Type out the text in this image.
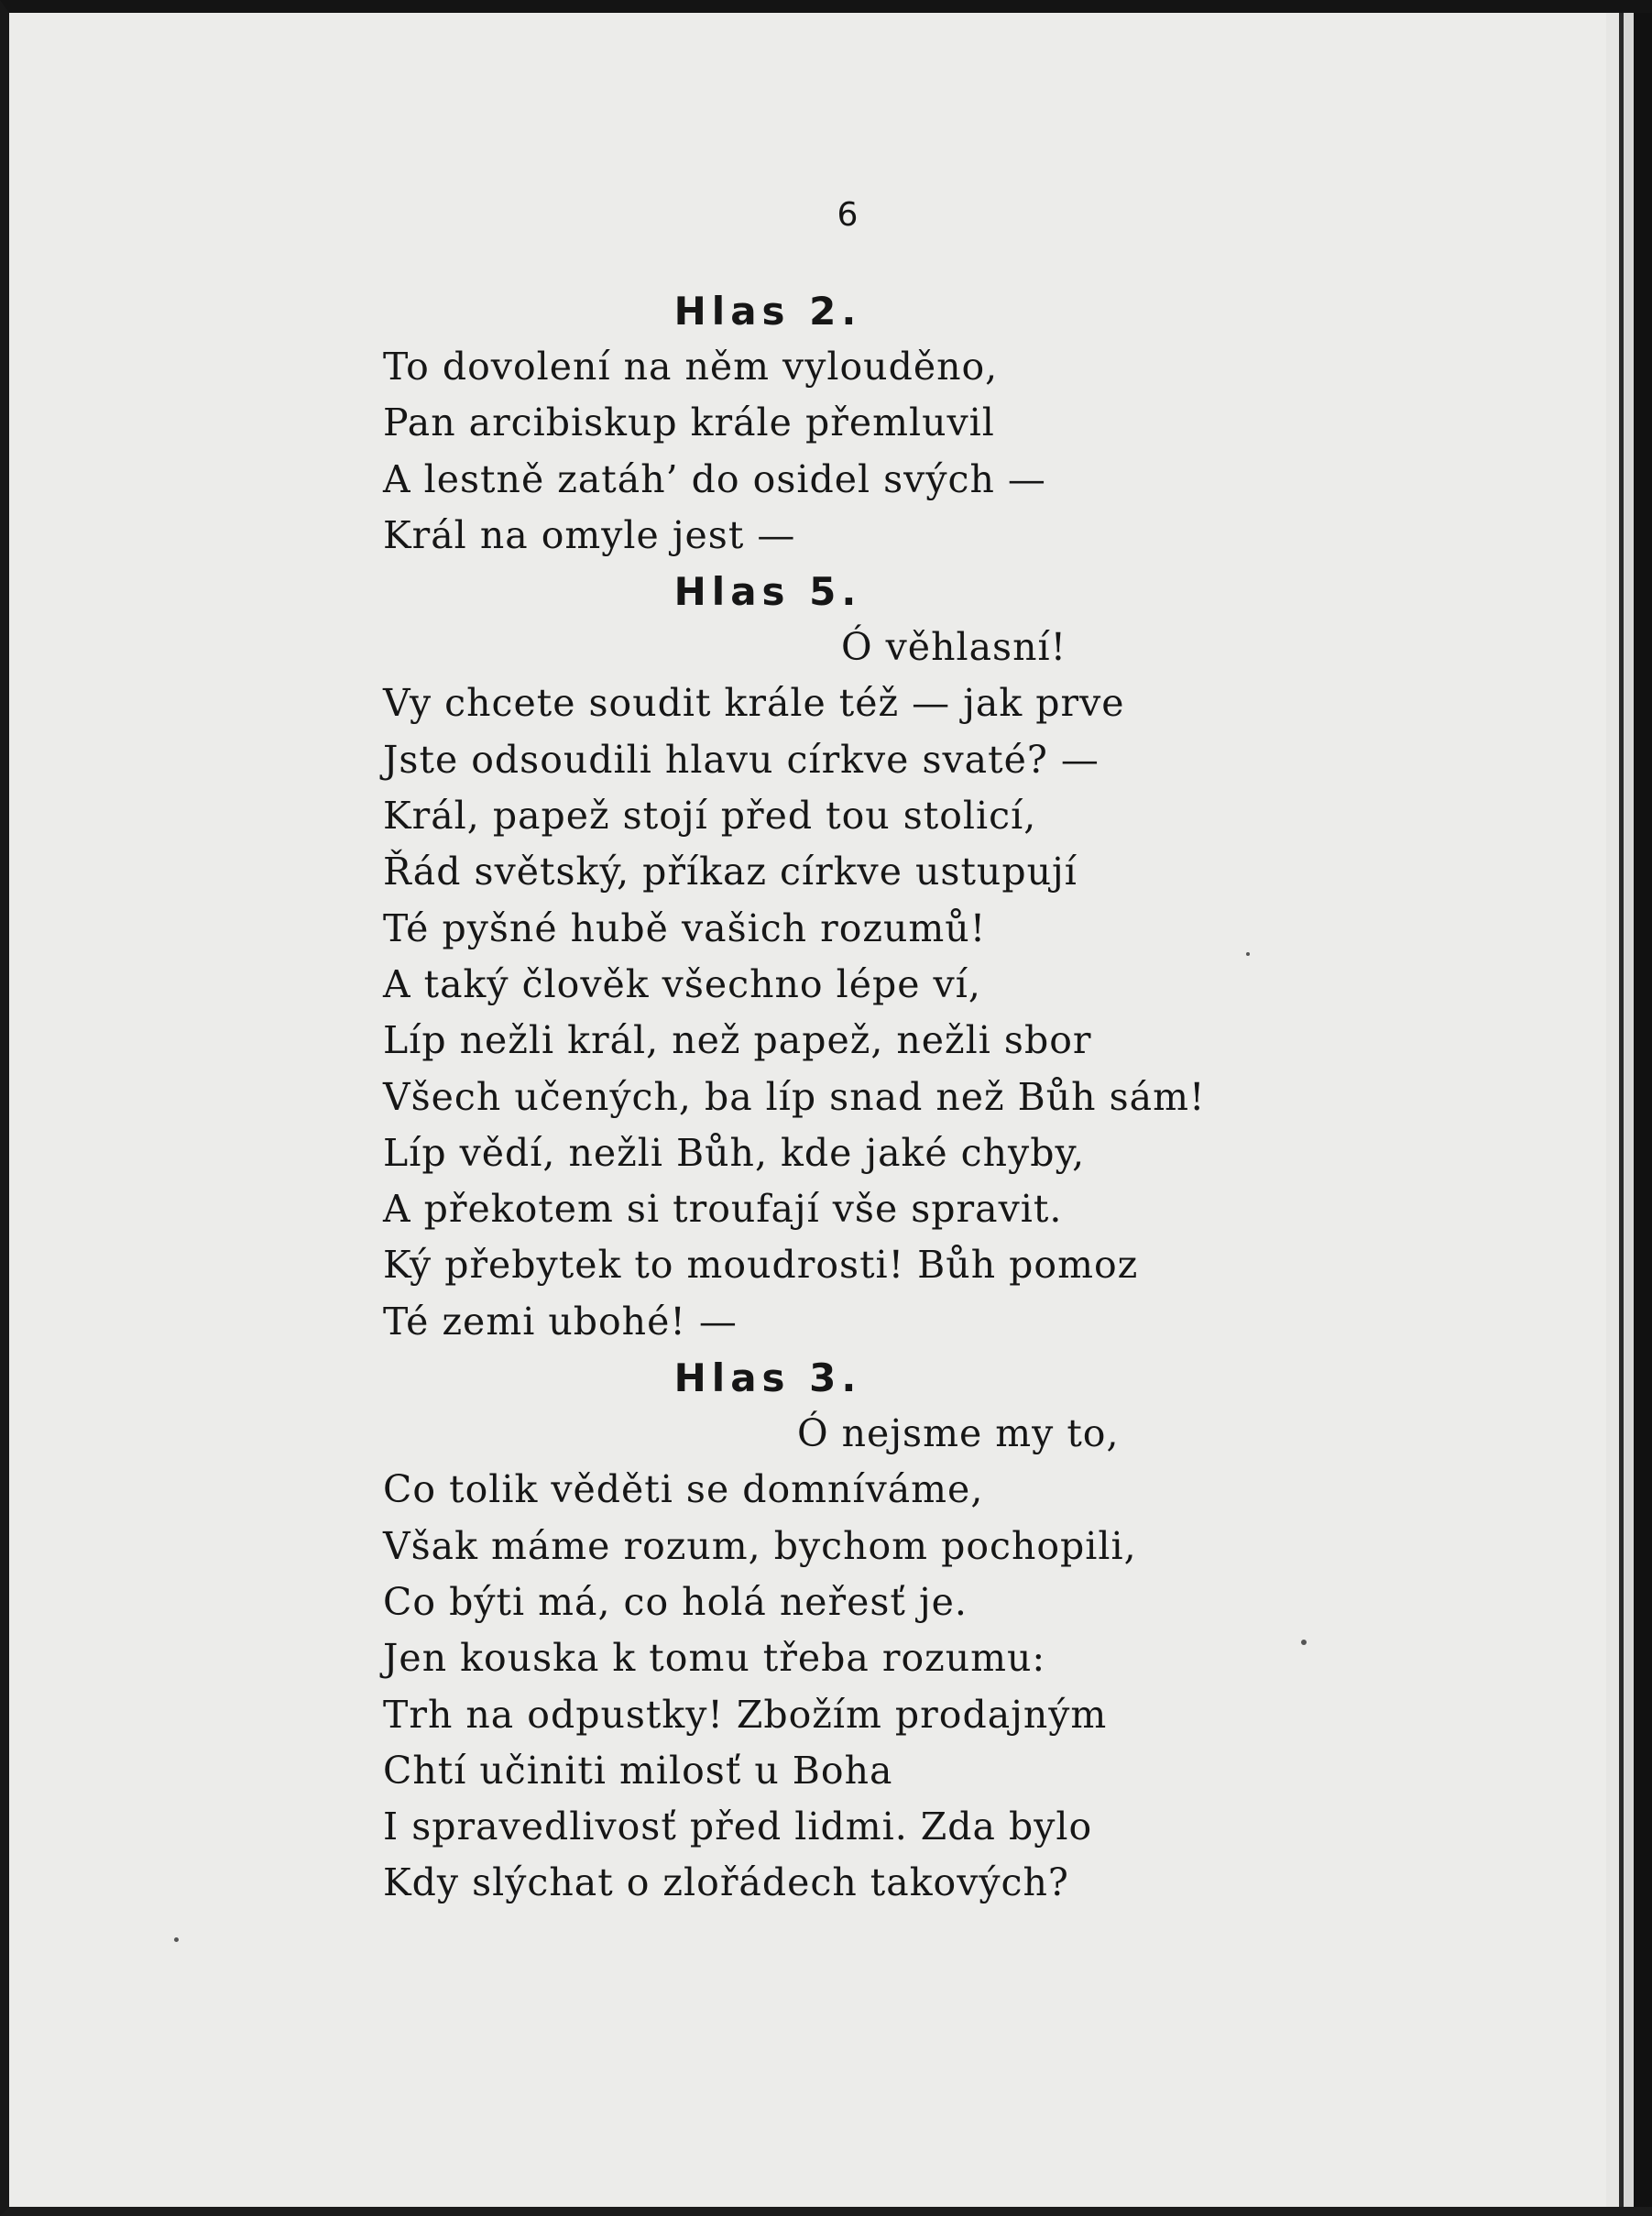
6
Hlas 2.
To dovolení na něm vylouděno,
Pan arcibiskup krále přemluvil
A lestně zatáh’ do osidel svých —
Král na omyle jest —
Hlas 5.
Ó věhlasní!
Vy chcete soudit krále též — jak prve
Jste odsoudili hlavu církve svaté? —
Král, papež stojí před tou stolicí,
Řád světský, příkaz církve ustupují
Té pyšné hubě vašich rozumů!
A taký člověk všechno lépe ví,
Líp nežli král, než papež, nežli sbor
Všech učených, ba líp snad než Bůh sám!
Líp vědí, nežli Bůh, kde jaké chyby,
A překotem si troufají vše spravit.
Ký přebytek to moudrosti! Bůh pomoz
Té zemi ubohé! —
Hlas 3.
Ó nejsme my to,
Co tolik věděti se domníváme,
Však máme rozum, bychom pochopili,
Co býti má, co holá neřesť je.
Jen kouska k tomu třeba rozumu:
Trh na odpustky! Zbožím prodajným
Chtí učiniti milosť u Boha
I spravedlivosť před lidmi. Zda bylo
Kdy slýchat o zlořádech takových?
